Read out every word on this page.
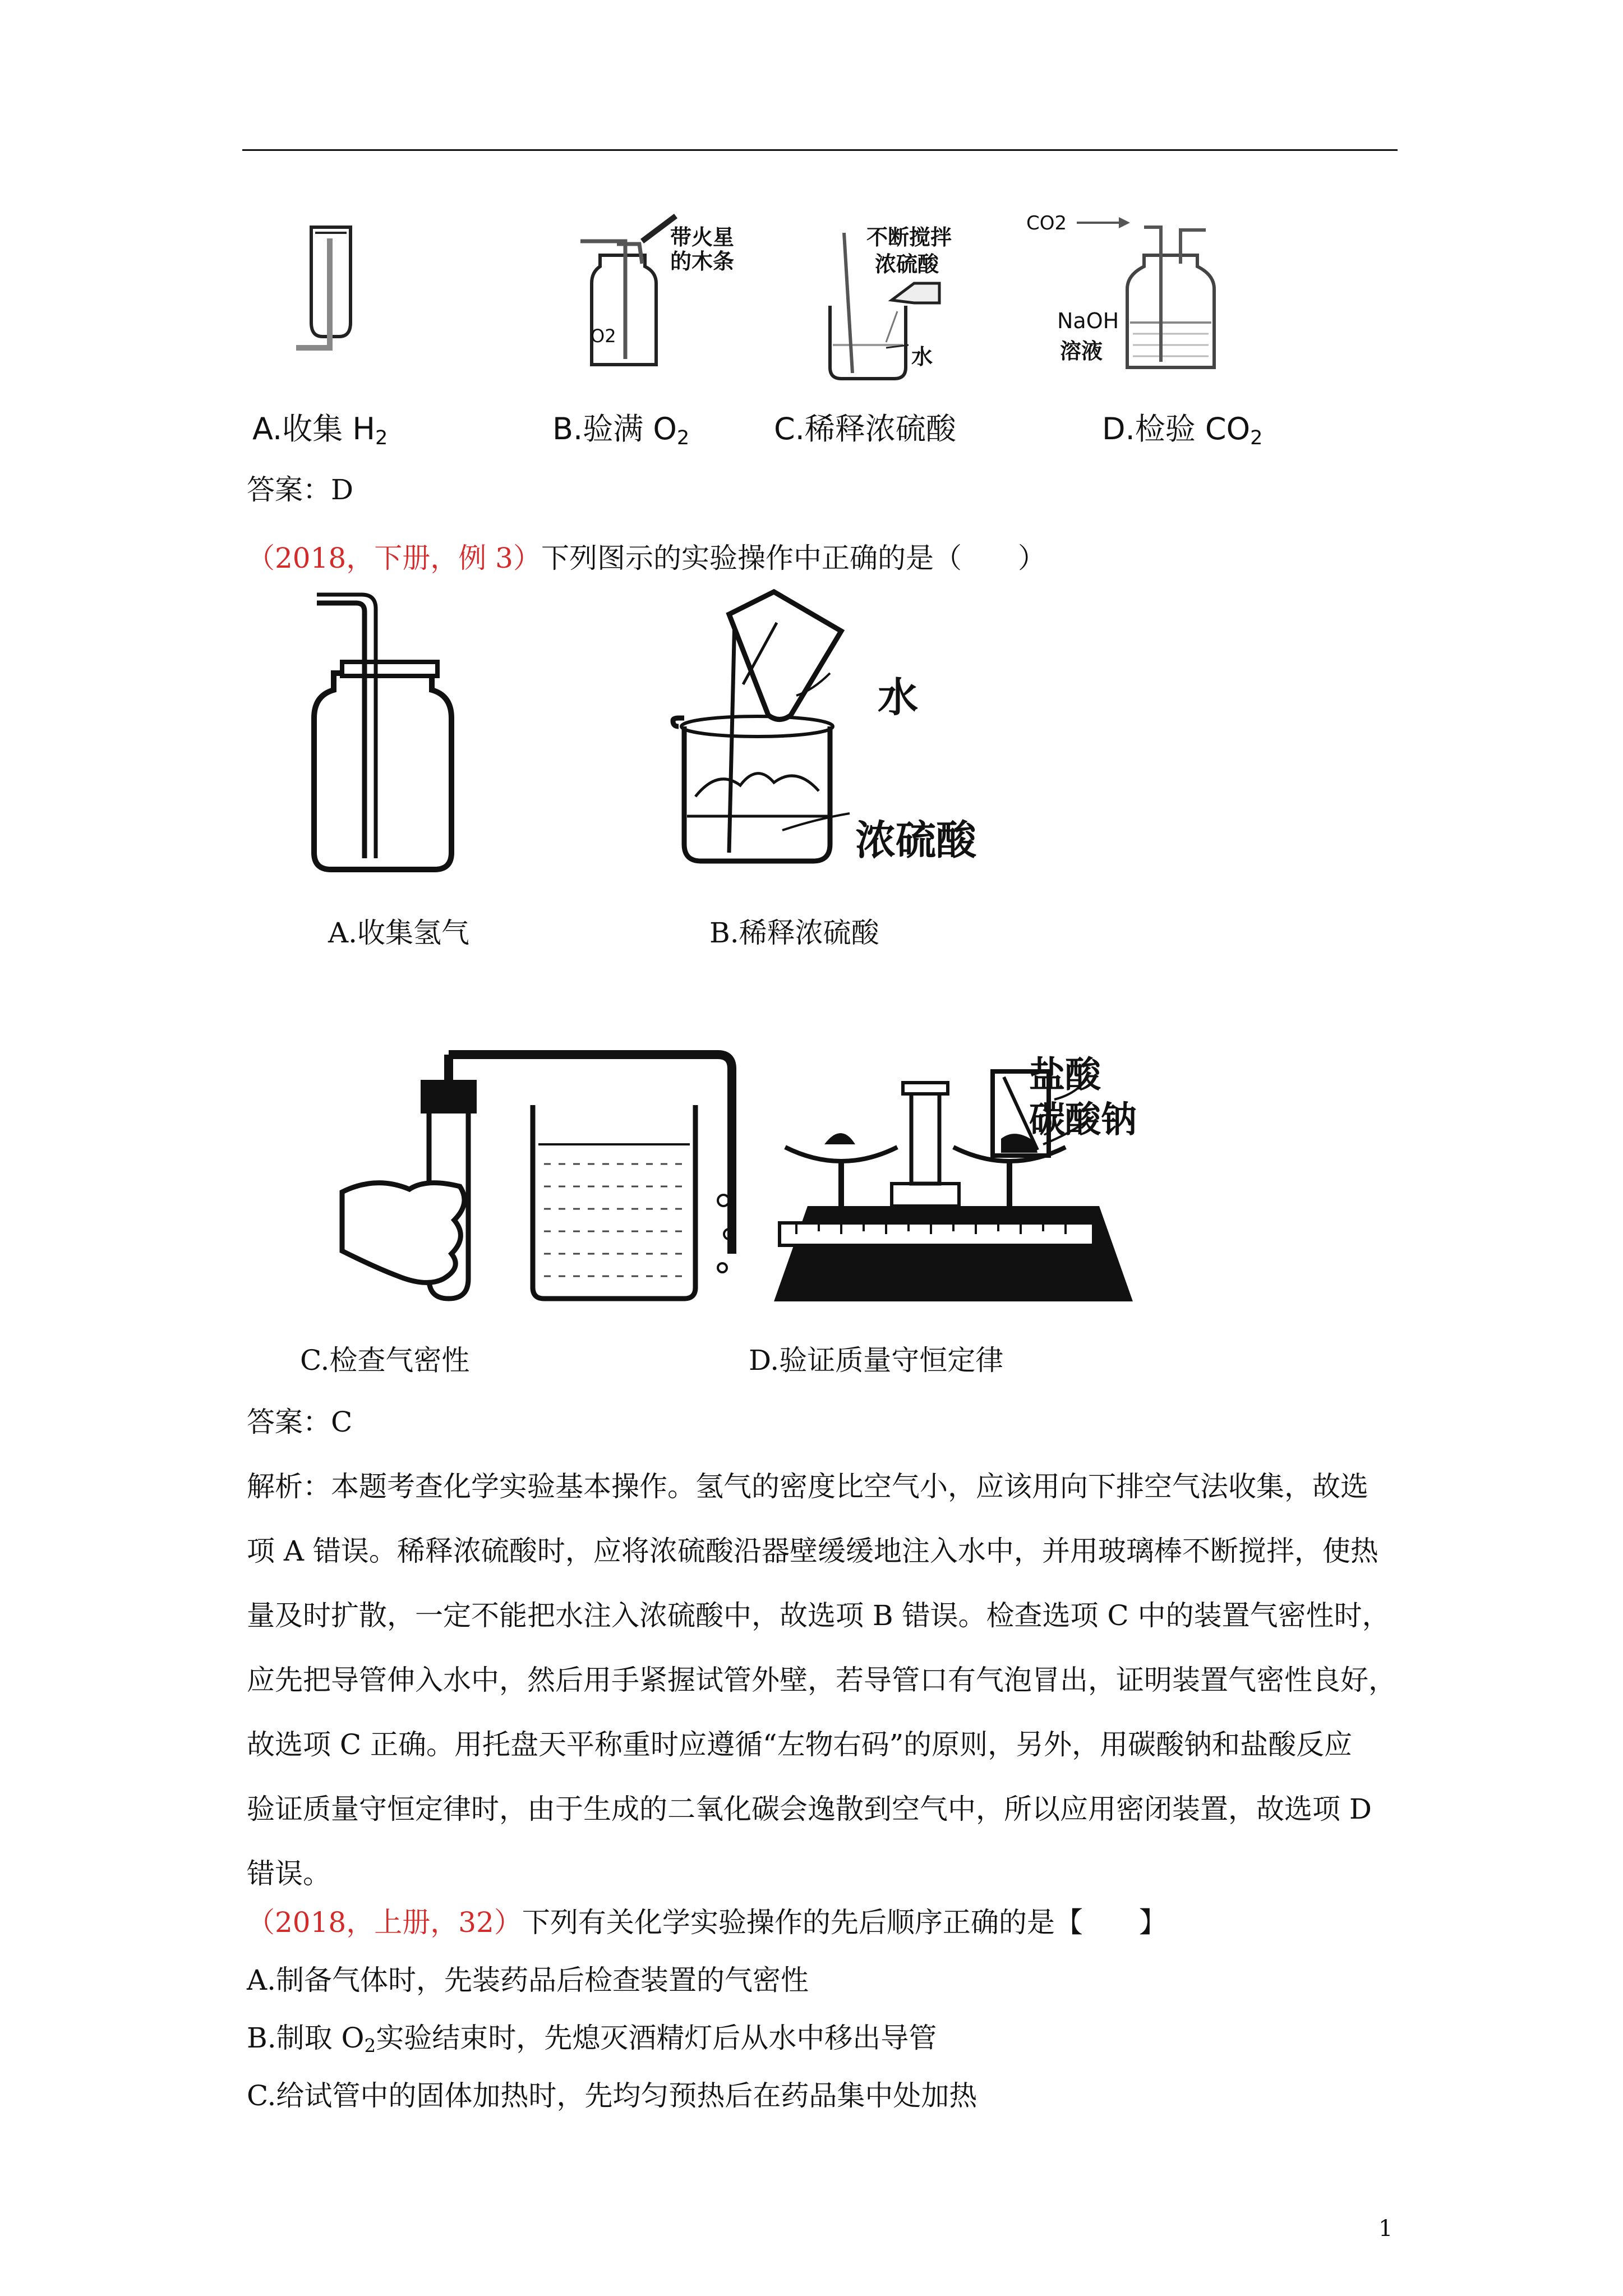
带火星
的木条
O2
不断搅拌
浓硫酸
水
CO2
NaOH
溶液
A.收集 $H_2$	B.验满 $O_2$	C.稀释浓硫酸	D.检验 $CO_2$
答案：D
（2018，下册，例 3）下列图示的实验操作中正确的是（　　）
水
浓硫酸
A.收集氢气	B.稀释浓硫酸
盐酸
碳酸钠
C.检查气密性	D.验证质量守恒定律
答案：C
解析：本题考查化学实验基本操作。氢气的密度比空气小，应该用向下排空气法收集，故选
项 A 错误。稀释浓硫酸时，应将浓硫酸沿器壁缓缓地注入水中，并用玻璃棒不断搅拌，使热
量及时扩散，一定不能把水注入浓硫酸中，故选项 B 错误。检查选项 C 中的装置气密性时，
应先把导管伸入水中，然后用手紧握试管外壁，若导管口有气泡冒出，证明装置气密性良好，
故选项 C 正确。用托盘天平称重时应遵循“左物右码”的原则，另外，用碳酸钠和盐酸反应
验证质量守恒定律时，由于生成的二氧化碳会逸散到空气中，所以应用密闭装置，故选项 D
错误。
（2018，上册，32）下列有关化学实验操作的先后顺序正确的是【　　】
A.制备气体时，先装药品后检查装置的气密性
B.制取 $O_2$实验结束时，先熄灭酒精灯后从水中移出导管
C.给试管中的固体加热时，先均匀预热后在药品集中处加热
1
